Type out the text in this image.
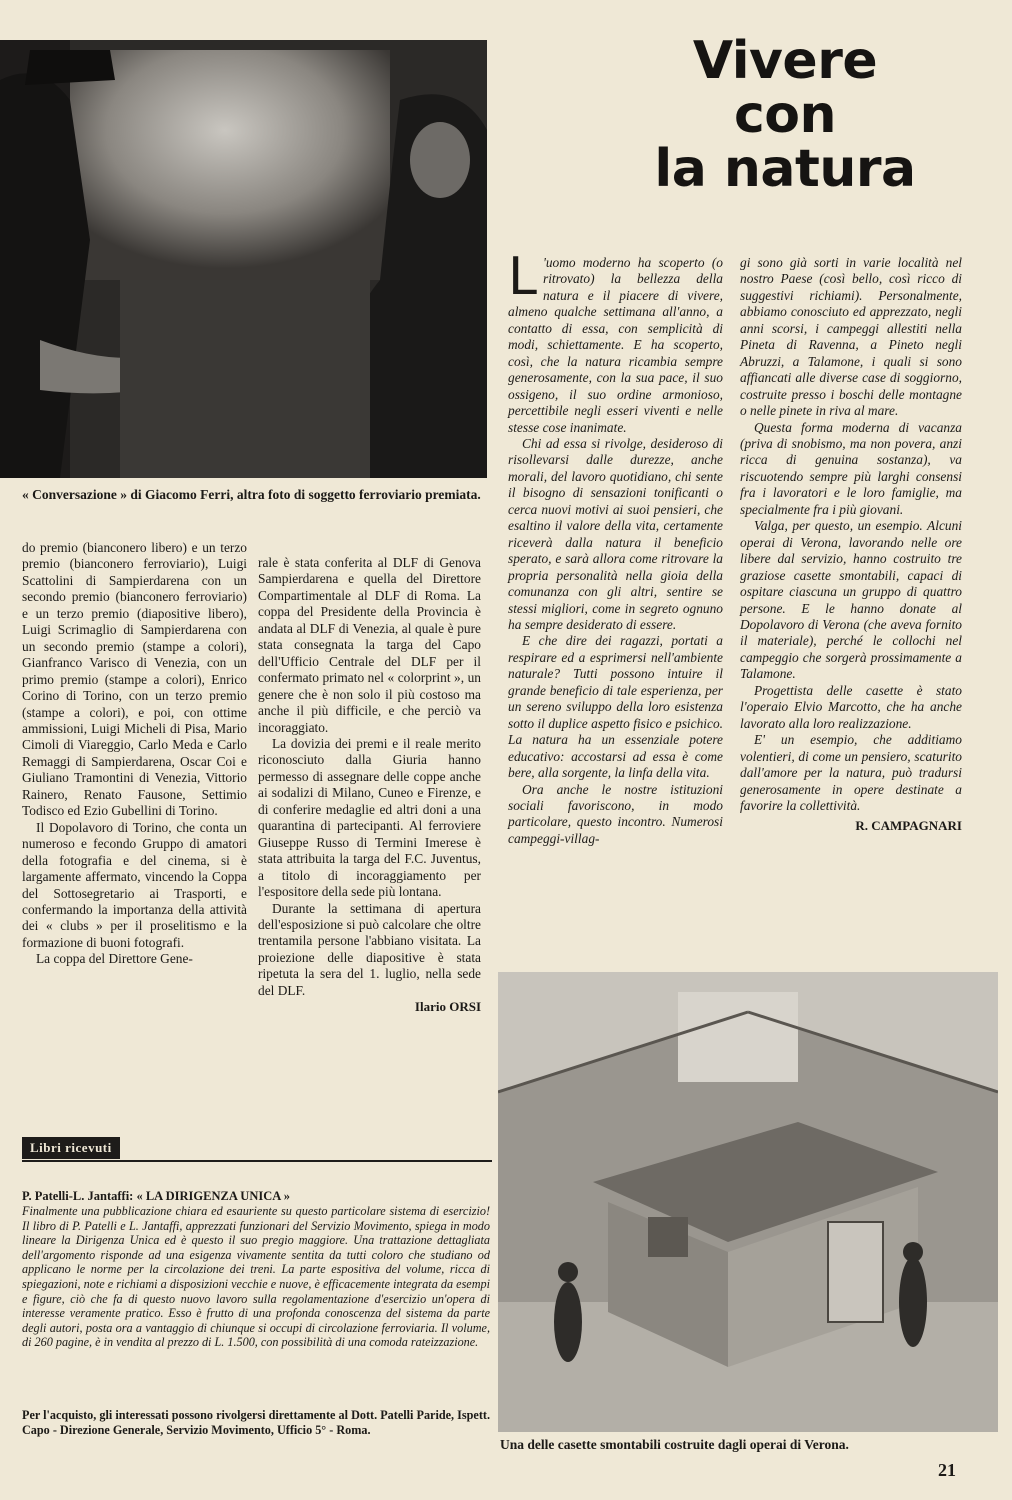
Vivere
con
la natura
« Conversazione » di Giacomo Ferri, altra foto di soggetto ferroviario premiata.

do premio (bianconero libero) e un terzo premio (bianconero ferroviario), Luigi Scattolini di Sampierdarena con un secondo premio (bianconero ferroviario) e un terzo premio (diapositive libero), Luigi Scrimaglio di Sampierdarena con un secondo premio (stampe a colori), Gianfranco Varisco di Venezia, con un primo premio (stampe a colori), Enrico Corino di Torino, con un terzo premio (stampe a colori), e poi, con ottime ammissioni, Luigi Micheli di Pisa, Mario Cimoli di Viareggio, Carlo Meda e Carlo Remaggi di Sampierdarena, Oscar Coi e Giuliano Tramontini di Venezia, Vittorio Rainero, Renato Fausone, Settimio Todisco ed Ezio Gubellini di Torino.

Il Dopolavoro di Torino, che conta un numeroso e fecondo Gruppo di amatori della fotografia e del cinema, si è largamente affermato, vincendo la Coppa del Sottosegretario ai Trasporti, e confermando la importanza della attività dei « clubs » per il proselitismo e la formazione di buoni fotografi.

La coppa del Direttore Gene-

rale è stata conferita al DLF di Genova Sampierdarena e quella del Direttore Compartimentale al DLF di Roma. La coppa del Presidente della Provincia è andata al DLF di Venezia, al quale è pure stata consegnata la targa del Capo dell'Ufficio Centrale del DLF per il confermato primato nel « colorprint », un genere che è non solo il più costoso ma anche il più difficile, e che perciò va incoraggiato.

La dovizia dei premi e il reale merito riconosciuto dalla Giuria hanno permesso di assegnare delle coppe anche ai sodalizi di Milano, Cuneo e Firenze, e di conferire medaglie ed altri doni a una quarantina di partecipanti. Al ferroviere Giuseppe Russo di Termini Imerese è stata attribuita la targa del F.C. Juventus, a titolo di incoraggiamento per l'espositore della sede più lontana.

Durante la settimana di apertura dell'esposizione si può calcolare che oltre trentamila persone l'abbiano visitata. La proiezione delle diapositive è stata ripetuta la sera del 1. luglio, nella sede del DLF.

Ilario ORSI
L 'uomo moderno ha scoperto (o ritrovato) la bellezza della natura e il piacere di vivere, almeno qualche settimana all'anno, a contatto di essa, con semplicità di modi, schiettamente. E ha scoperto, così, che la natura ricambia sempre generosamente, con la sua pace, il suo ossigeno, il suo ordine armonioso, percettibile negli esseri viventi e nelle stesse cose inanimate.

Chi ad essa si rivolge, desideroso di risollevarsi dalle durezze, anche morali, del lavoro quotidiano, chi sente il bisogno di sensazioni tonificanti o cerca nuovi motivi ai suoi pensieri, che esaltino il valore della vita, certamente riceverà dalla natura il beneficio sperato, e sarà allora come ritrovare la propria personalità nella gioia della comunanza con gli altri, sentire se stessi migliori, come in segreto ognuno ha sempre desiderato di essere.

E che dire dei ragazzi, portati a respirare ed a esprimersi nell'ambiente naturale? Tutti possono intuire il grande beneficio di tale esperienza, per un sereno sviluppo della loro esistenza sotto il duplice aspetto fisico e psichico. La natura ha un essenziale potere educativo: accostarsi ad essa è come bere, alla sorgente, la linfa della vita.

Ora anche le nostre istituzioni sociali favoriscono, in modo particolare, questo incontro. Numerosi campeggi-villag-

gi sono già sorti in varie località nel nostro Paese (così bello, così ricco di suggestivi richiami). Personalmente, abbiamo conosciuto ed apprezzato, negli anni scorsi, i campeggi allestiti nella Pineta di Ravenna, a Pineto negli Abruzzi, a Talamone, i quali si sono affiancati alle diverse case di soggiorno, costruite presso i boschi delle montagne o nelle pinete in riva al mare.

Questa forma moderna di vacanza (priva di snobismo, ma non povera, anzi ricca di genuina sostanza), va riscuotendo sempre più larghi consensi fra i lavoratori e le loro famiglie, ma specialmente fra i più giovani.

Valga, per questo, un esempio. Alcuni operai di Verona, lavorando nelle ore libere dal servizio, hanno costruito tre graziose casette smontabili, capaci di ospitare ciascuna un gruppo di quattro persone. E le hanno donate al Dopolavoro di Verona (che aveva fornito il materiale), perché le collochi nel campeggio che sorgerà prossimamente a Talamone.

Progettista delle casette è stato l'operaio Elvio Marcotto, che ha anche lavorato alla loro realizzazione.

E' un esempio, che additiamo volentieri, di come un pensiero, scaturito dall'amore per la natura, può tradursi generosamente in opere destinate a favorire la collettività.

R. CAMPAGNARI
Libri ricevuti
P. Patelli-L. Jantaffi: « LA DIRIGENZA UNICA »
Finalmente una pubblicazione chiara ed esauriente su questo particolare sistema di esercizio! Il libro di P. Patelli e L. Jantaffi, apprezzati funzionari del Servizio Movimento, spiega in modo lineare la Dirigenza Unica ed è questo il suo pregio maggiore. Una trattazione dettagliata dell'argomento risponde ad una esigenza vivamente sentita da tutti coloro che studiano od applicano le norme per la circolazione dei treni. La parte espositiva del volume, ricca di spiegazioni, note e richiami a disposizioni vecchie e nuove, è efficacemente integrata da esempi e figure, ciò che fa di questo nuovo lavoro sulla regolamentazione d'esercizio un'opera di interesse veramente pratico. Esso è frutto di una profonda conoscenza del sistema da parte degli autori, posta ora a vantaggio di chiunque si occupi di circolazione ferroviaria. Il volume, di 260 pagine, è in vendita al prezzo di L. 1.500, con possibilità di una comoda rateizzazione.
Per l'acquisto, gli interessati possono rivolgersi direttamente al Dott. Patelli Paride, Ispett. Capo - Direzione Generale, Servizio Movimento, Ufficio 5° - Roma.
Una delle casette smontabili costruite dagli operai di Verona.
21
